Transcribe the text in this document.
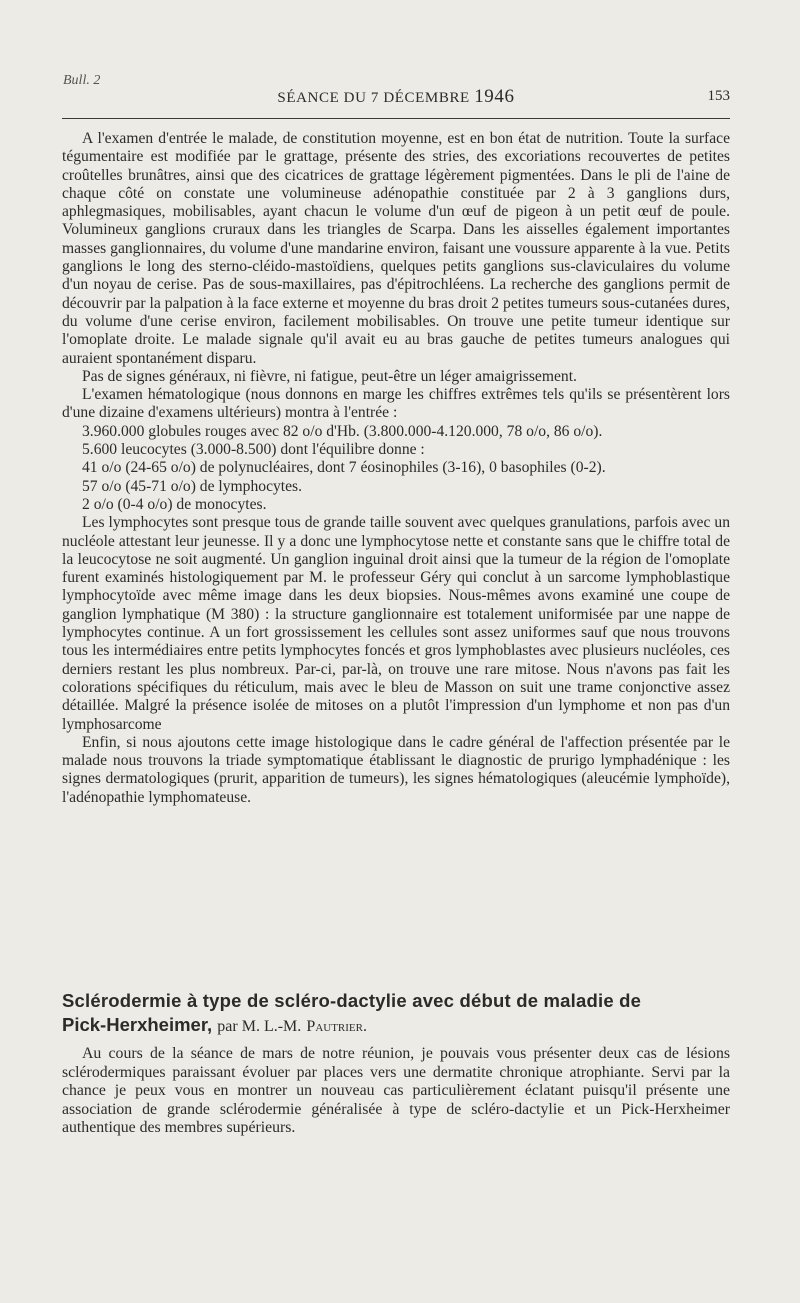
Bull. 2
SÉANCE DU 7 DÉCEMBRE 1946	153

A l'examen d'entrée le malade, de constitution moyenne, est en bon état de nutrition. Toute la surface tégumentaire est modifiée par le grattage, présente des stries, des excoriations recouvertes de petites croûtelles brunâtres, ainsi que des cicatrices de grattage légèrement pigmentées. Dans le pli de l'aine de chaque côté on constate une volumineuse adénopathie constituée par 2 à 3 ganglions durs, aphlegmasiques, mobilisables, ayant chacun le volume d'un œuf de pigeon à un petit œuf de poule. Volumineux ganglions cruraux dans les triangles de Scarpa. Dans les aisselles également importantes masses ganglionnaires, du volume d'une mandarine environ, faisant une voussure apparente à la vue. Petits ganglions le long des sterno-cléido-mastoïdiens, quelques petits ganglions sus-claviculaires du volume d'un noyau de cerise. Pas de sous-maxillaires, pas d'épitrochléens. La recherche des ganglions permit de découvrir par la palpation à la face externe et moyenne du bras droit 2 petites tumeurs sous-cutanées dures, du volume d'une cerise environ, facilement mobilisables. On trouve une petite tumeur identique sur l'omoplate droite. Le malade signale qu'il avait eu au bras gauche de petites tumeurs analogues qui auraient spontanément disparu.

Pas de signes généraux, ni fièvre, ni fatigue, peut-être un léger amaigrissement.

L'examen hématologique (nous donnons en marge les chiffres extrêmes tels qu'ils se présentèrent lors d'une dizaine d'examens ultérieurs) montra à l'entrée :

3.960.000 globules rouges avec 82 o/o d'Hb. (3.800.000-4.120.000, 78 o/o, 86 o/o).

5.600 leucocytes (3.000-8.500) dont l'équilibre donne :

41 o/o (24-65 o/o) de polynucléaires, dont 7 éosinophiles (3-16), 0 basophiles (0-2).

57 o/o (45-71 o/o) de lymphocytes.

2 o/o (0-4 o/o) de monocytes.

Les lymphocytes sont presque tous de grande taille souvent avec quelques granulations, parfois avec un nucléole attestant leur jeunesse. Il y a donc une lymphocytose nette et constante sans que le chiffre total de la leucocytose ne soit augmenté. Un ganglion inguinal droit ainsi que la tumeur de la région de l'omoplate furent examinés histologiquement par M. le professeur Géry qui conclut à un sarcome lymphoblastique lymphocytoïde avec même image dans les deux biopsies. Nous-mêmes avons examiné une coupe de ganglion lymphatique (M 380) : la structure ganglionnaire est totalement uniformisée par une nappe de lymphocytes continue. A un fort grossissement les cellules sont assez uniformes sauf que nous trouvons tous les intermédiaires entre petits lymphocytes foncés et gros lymphoblastes avec plusieurs nucléoles, ces derniers restant les plus nombreux. Par-ci, par-là, on trouve une rare mitose. Nous n'avons pas fait les colorations spécifiques du réticulum, mais avec le bleu de Masson on suit une trame conjonctive assez détaillée. Malgré la présence isolée de mitoses on a plutôt l'impression d'un lymphome et non pas d'un lymphosarcome

Enfin, si nous ajoutons cette image histologique dans le cadre général de l'affection présentée par le malade nous trouvons la triade symptomatique établissant le diagnostic de prurigo lymphadénique : les signes dermatologiques (prurit, apparition de tumeurs), les signes hématologiques (aleucémie lymphoïde), l'adénopathie lymphomateuse.

Sclérodermie à type de scléro-dactylie avec début de maladie de
Pick-Herxheimer, par M. L.-M. Pautrier.

Au cours de la séance de mars de notre réunion, je pouvais vous présenter deux cas de lésions sclérodermiques paraissant évoluer par places vers une dermatite chronique atrophiante. Servi par la chance je peux vous en montrer un nouveau cas particulièrement éclatant puisqu'il présente une association de grande sclérodermie généralisée à type de scléro-dactylie et un Pick-Herxheimer authentique des membres supérieurs.
